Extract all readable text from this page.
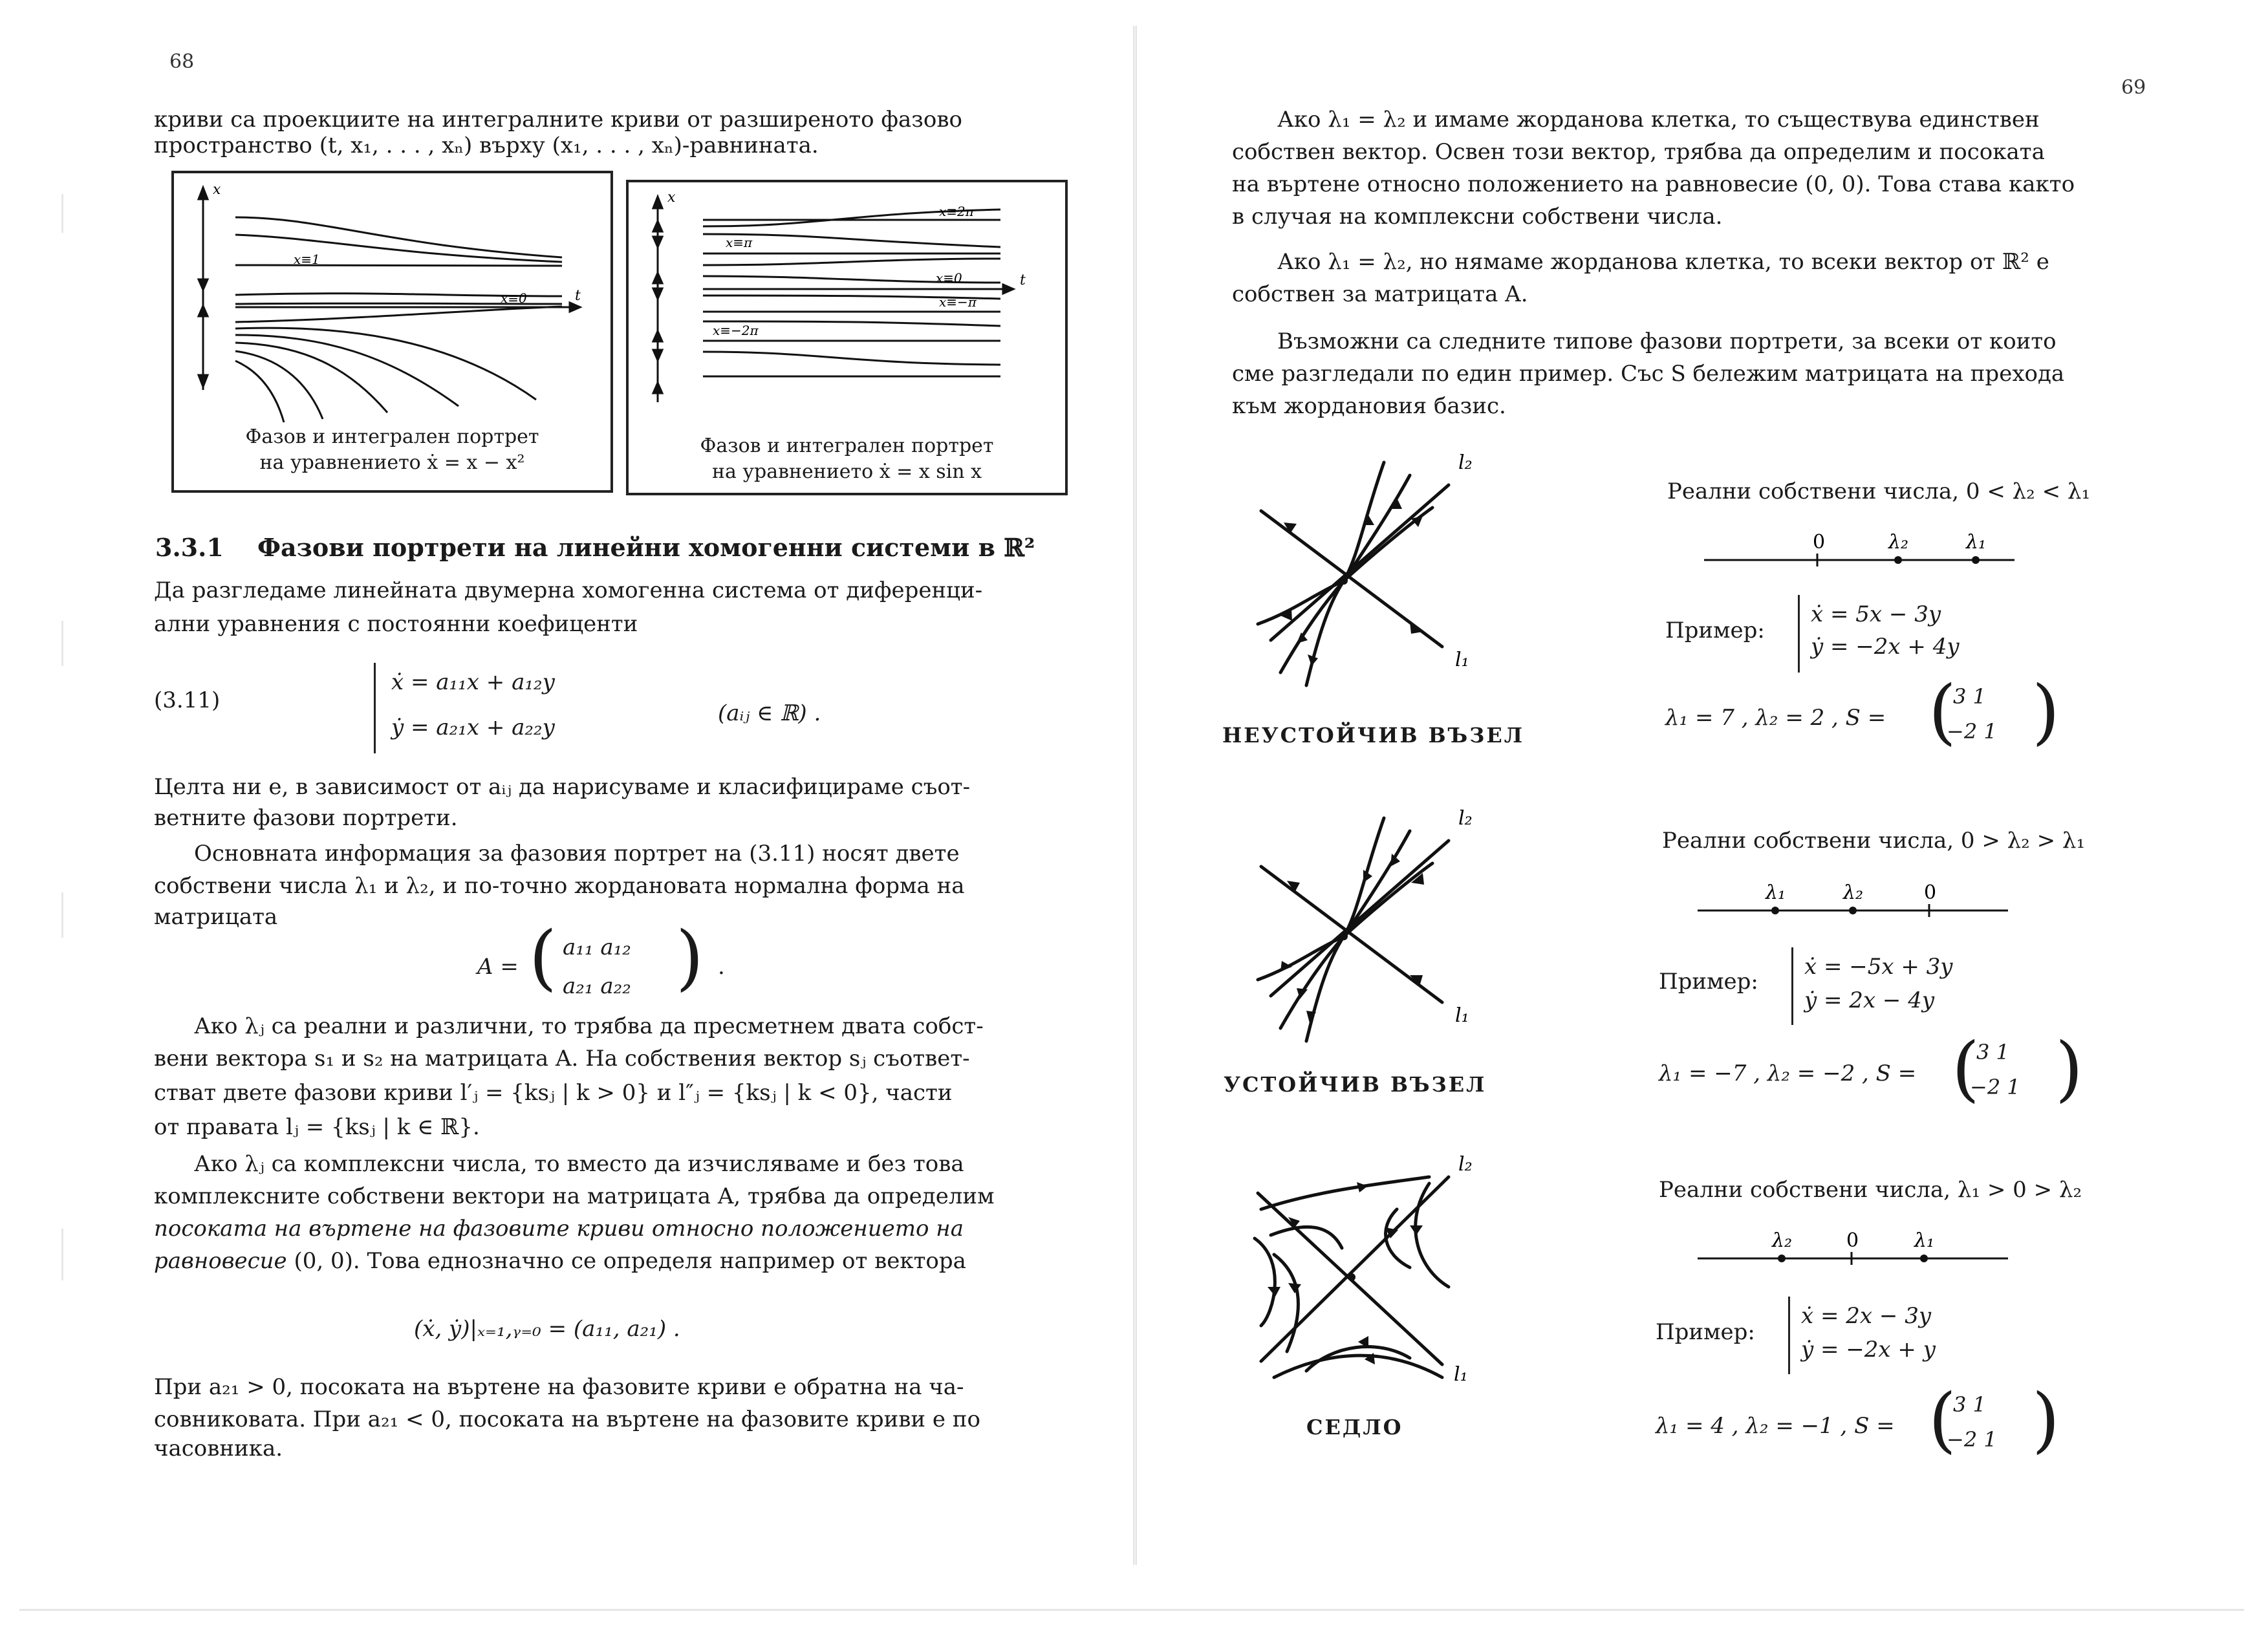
68
криви са проекциите на интегралните криви от разширеното фазово
пространство (t, x₁, . . . , xₙ) върху (x₁, . . . , xₙ)-равнината.
x
x≡1
x≡0	t
Фазов и интегрален портрет
на уравнението ẋ = x − x²
x
x≡2π
x≡π
x≡0
x≡−π
x≡−2π
t
Фазов и интегрален портрет
на уравнението ẋ = x sin x
3.3.1 Фазови портрети на линейни хомогенни системи в ℝ²
Да разгледаме линейната двумерна хомогенна система от диференци-
ални уравнения с постоянни коефиценти
(3.11)
ẋ = a₁₁x + a₁₂y
ẏ = a₂₁x + a₂₂y
(aᵢⱼ ∈ ℝ) .
Целта ни е, в зависимост от aᵢⱼ да нарисуваме и класифицираме съот-
ветните фазови портрети.
Основната информация за фазовия портрет на (3.11) носят двете
собствени числа λ₁ и λ₂, и по-точно жордановата нормална форма на
матрицата
A = ( a₁₁ a₁₂
a₂₁ a₂₂ ) .
Ако λⱼ са реални и различни, то трябва да пресметнем двата собст-
вени вектора s₁ и s₂ на матрицата A. На собствения вектор sⱼ съответ-
стват двете фазови криви l′ⱼ = {ksⱼ | k > 0} и l″ⱼ = {ksⱼ | k < 0}, части
от правата lⱼ = {ksⱼ | k ∈ ℝ}.
Ако λⱼ са комплексни числа, то вместо да изчисляваме и без това
комплексните собствени вектори на матрицата A, трябва да определим
посоката на въртене на фазовите криви относно положението на
равновесие (0, 0). Това еднозначно се определя например от вектора
(ẋ, ẏ)|ₓ₌₁,ᵧ₌₀ = (a₁₁, a₂₁) .
При a₂₁ > 0, посоката на въртене на фазовите криви е обратна на ча-
совниковата. При a₂₁ < 0, посоката на въртене на фазовите криви е по
часовника.
69
Ако λ₁ = λ₂ и имаме жорданова клетка, то съществува единствен
собствен вектор. Освен този вектор, трябва да определим и посоката
на въртене относно положението на равновесие (0, 0). Това става както
в случая на комплексни собствени числа.
Ако λ₁ = λ₂, но нямаме жорданова клетка, то всеки вектор от ℝ² е
собствен за матрицата A.
Възможни са следните типове фазови портрети, за всеки от които
сме разгледали по един пример. Със S бележим матрицата на прехода
към жордановия базис.
l₂
l₁
НЕУСТОЙЧИВ ВЪЗЕЛ
Реални собствени числа, 0 < λ₂ < λ₁
0	λ₂	λ₁
Пример:
ẋ = 5x − 3y
ẏ = −2x + 4y
λ₁ = 7 , λ₂ = 2 , S = (
3 1
−2 1 )
l₂
l₁
УСТОЙЧИВ ВЪЗЕЛ
Реални собствени числа, 0 > λ₂ > λ₁
λ₁	λ₂	0
Пример:
ẋ = −5x + 3y
ẏ = 2x − 4y
λ₁ = −7 , λ₂ = −2 , S = (
3 1
−2 1 )
l₂
l₁
СЕДЛО
Реални собствени числа, λ₁ > 0 > λ₂
λ₂	0	λ₁
Пример:
ẋ = 2x − 3y
ẏ = −2x + y
λ₁ = 4 , λ₂ = −1 , S = (
3 1
−2 1 )
